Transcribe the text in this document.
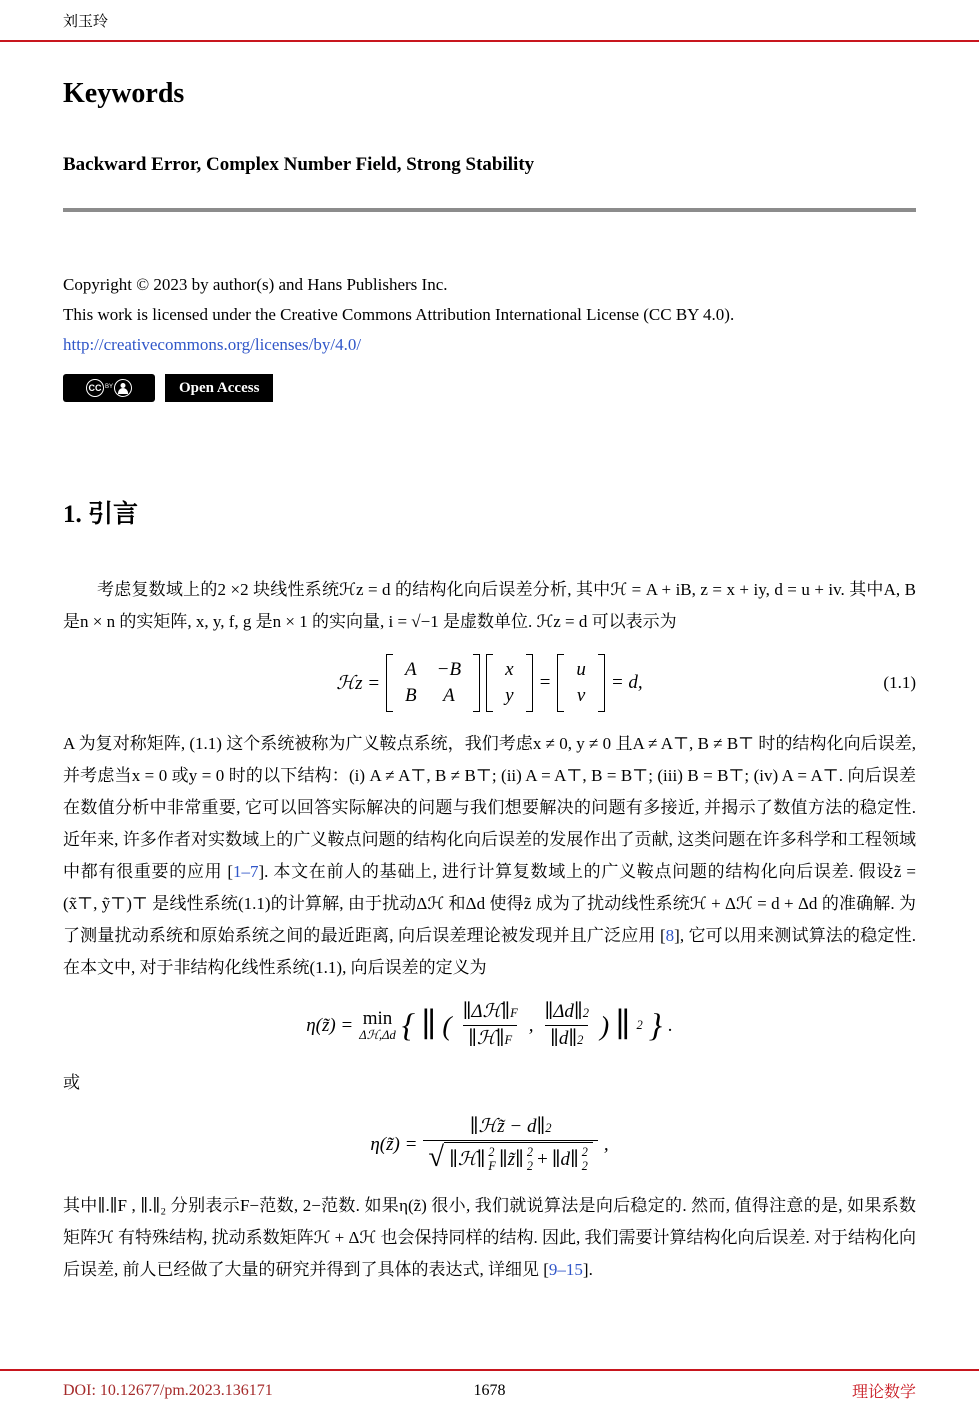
刘玉玲
Keywords
Backward Error, Complex Number Field, Strong Stability
Copyright © 2023 by author(s) and Hans Publishers Inc.
This work is licensed under the Creative Commons Attribution International License (CC BY 4.0).
http://creativecommons.org/licenses/by/4.0/
CC BY	Open Access
1. 引言

考虑复数域上的2 ×2 块线性系统ℋz = d 的结构化向后误差分析, 其中ℋ = A + iB, z = x + iy, d = u + iv. 其中A, B 是n × n 的实矩阵, x, y, f, g 是n × 1 的实向量, i = √−1 是虚数单位. ℋz = d 可以表示为

ℋz =
A −B
B A
x
y
=
u
v
= d,	(1.1)

A 为复对称矩阵, (1.1) 这个系统被称为广义鞍点系统，我们考虑x ≠ 0, y ≠ 0 且A ≠ A⊤, B ≠ B⊤ 时的结构化向后误差, 并考虑当x = 0 或y = 0 时的以下结构：(i) A ≠ A⊤, B ≠ B⊤; (ii) A = A⊤, B = B⊤; (iii) B = B⊤; (iv) A = A⊤. 向后误差在数值分析中非常重要, 它可以回答实际解决的问题与我们想要解决的问题有多接近, 并揭示了数值方法的稳定性. 近年来, 许多作者对实数域上的广义鞍点问题的结构化向后误差的发展作出了贡献, 这类问题在许多科学和工程领域中都有很重要的应用 [1–7]. 本文在前人的基础上, 进行计算复数域上的广义鞍点问题的结构化向后误差. 假设z̃ = (x̃⊤, ỹ⊤)⊤ 是线性系统(1.1)的计算解, 由于扰动Δℋ 和Δd 使得z̃ 成为了扰动线性系统ℋ + Δℋ = d + Δd 的准确解. 为了测量扰动系统和原始系统之间的最近距离, 向后误差理论被发现并且广泛应用 [8], 它可以用来测试算法的稳定性. 在本文中, 对于非结构化线性系统(1.1), 向后误差的定义为

η(z̃) = min
Δℋ,Δd { ∥ ( $\frac{\text{∥Δℋ∥ F}}{\text{∥ℋ∥ F}}$ , $\frac{\parallel\Delta d\parallel 2}{\parallel d\parallel 2}$ ) ∥ 2 } .

或

η(z̃) =
∥ℋz̃ − d∥ 2
√ ∥ℋ∥ 2
F ∥z̃∥ 2
2 + ∥d∥ 2
2
,

其中∥.∥F , ∥.∥₂ 分别表示F−范数, 2−范数. 如果η(z̃) 很小, 我们就说算法是向后稳定的. 然而, 值得注意的是, 如果系数矩阵ℋ 有特殊结构, 扰动系数矩阵ℋ + Δℋ 也会保持同样的结构. 因此, 我们需要计算结构化向后误差. 对于结构化向后误差, 前人已经做了大量的研究并得到了具体的表达式, 详细见 [9–15].

DOI: 10.12677/pm.2023.136171	1678	理论数学
